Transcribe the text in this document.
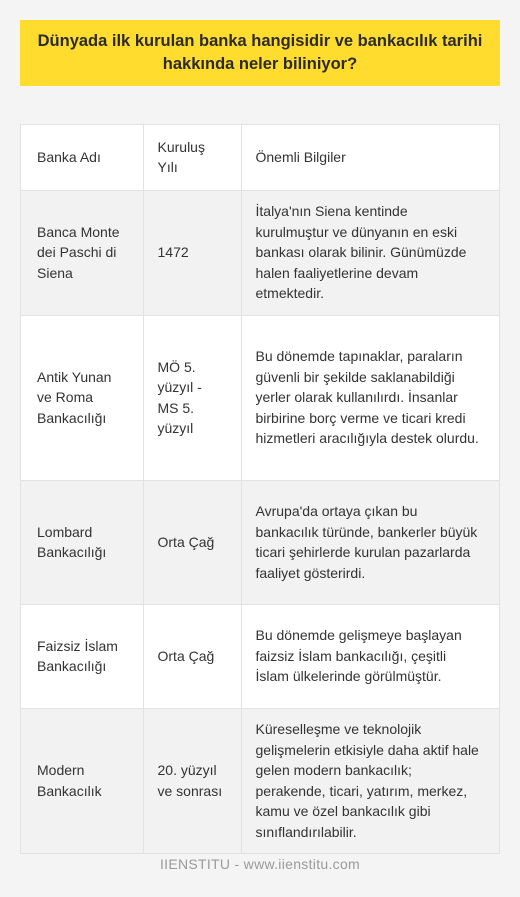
Dünyada ilk kurulan banka hangisidir ve bankacılık tarihi hakkında neler biliniyor?
Banka Adı	Kuruluş Yılı	Önemli Bilgiler
Banca Monte dei Paschi di Siena	1472	İtalya'nın Siena kentinde kurulmuştur ve dünyanın en eski bankası olarak bilinir. Günümüzde halen faaliyetlerine devam etmektedir.
Antik Yunan ve Roma Bankacılığı	MÖ 5. yüzyıl - MS 5. yüzyıl	Bu dönemde tapınaklar, paraların güvenli bir şekilde saklanabildiği yerler olarak kullanılırdı. İnsanlar birbirine borç verme ve ticari kredi hizmetleri aracılığıyla destek olurdu.
Lombard Bankacılığı	Orta Çağ	Avrupa'da ortaya çıkan bu bankacılık türünde, bankerler büyük ticari şehirlerde kurulan pazarlarda faaliyet gösterirdi.
Faizsiz İslam Bankacılığı	Orta Çağ	Bu dönemde gelişmeye başlayan faizsiz İslam bankacılığı, çeşitli İslam ülkelerinde görülmüştür.
Modern Bankacılık	20. yüzyıl ve sonrası	Küreselleşme ve teknolojik gelişmelerin etkisiyle daha aktif hale gelen modern bankacılık; perakende, ticari, yatırım, merkez, kamu ve özel bankacılık gibi sınıflandırılabilir.
IIENSTITU - www.iienstitu.com
